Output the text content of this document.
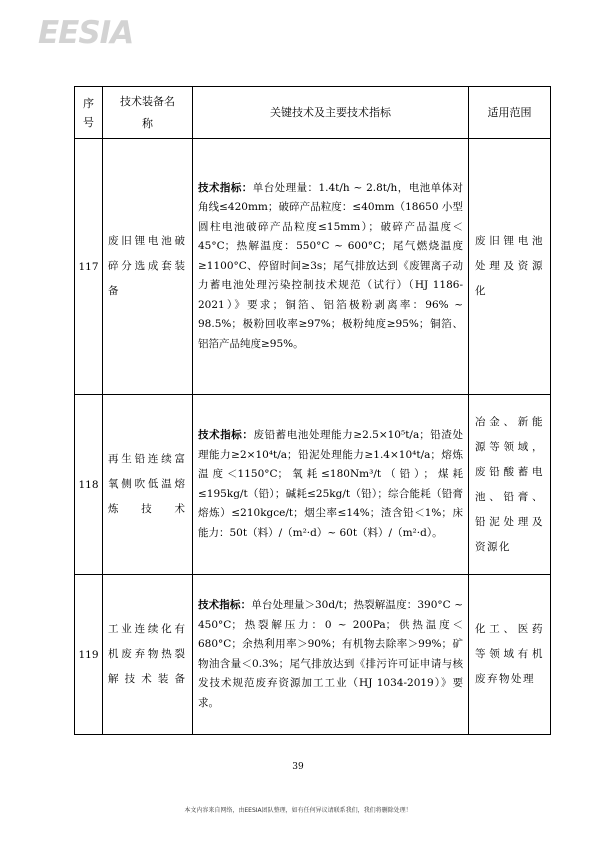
EESIA
序号	技术装备名称	关键技术及主要技术指标	适用范围
117	废旧锂电池破碎分选成套装备	技术指标：单台处理量：1.4t/h ~ 2.8t/h，电池单体对角线≤420mm；破碎产品粒度：≤40mm（18650 小型圆柱电池破碎产品粒度≤15mm）；破碎产品温度＜45°C；热解温度：550°C ~ 600°C；尾气燃烧温度≥1100°C、停留时间≥3s；尾气排放达到《废锂离子动力蓄电池处理污染控制技术规范（试行）（HJ 1186-2021）》要求；铜箔、铝箔极粉剥离率：96% ~ 98.5%；极粉回收率≥97%；极粉纯度≥95%；铜箔、铝箔产品纯度≥95%。	废旧锂电池处理及资源化
118	再生铅连续富氧侧吹低温熔炼技术	技术指标：废铅蓄电池处理能力≥2.5×10⁵t/a；铅渣处理能力≥2×10⁴t/a；铅泥处理能力≥1.4×10⁴t/a；熔炼温度＜1150°C；氧耗≤180Nm³/t（铅）；煤耗≤195kg/t（铅）；碱耗≤25kg/t（铅）；综合能耗（铅膏熔炼）≤210kgce/t；烟尘率≤14%；渣含铅＜1%；床能力：50t（料）/（m²·d）~ 60t（料）/（m²·d）。	冶金、新能源等领域，废铅酸蓄电池、铅膏、铅泥处理及资源化
119	工业连续化有机废弃物热裂解技术装备	技术指标：单台处理量＞30d/t；热裂解温度：390°C ~ 450°C；热裂解压力：0 ~ 200Pa；供热温度＜680°C；余热利用率＞90%；有机物去除率＞99%；矿物油含量＜0.3%；尾气排放达到《排污许可证申请与核发技术规范废弃资源加工工业（HJ 1034-2019）》要求。	化工、医药等领域有机废弃物处理
39
本文内容来自网络，由EESIA团队整理，如有任何异议请联系我们，我们将删除处理！
